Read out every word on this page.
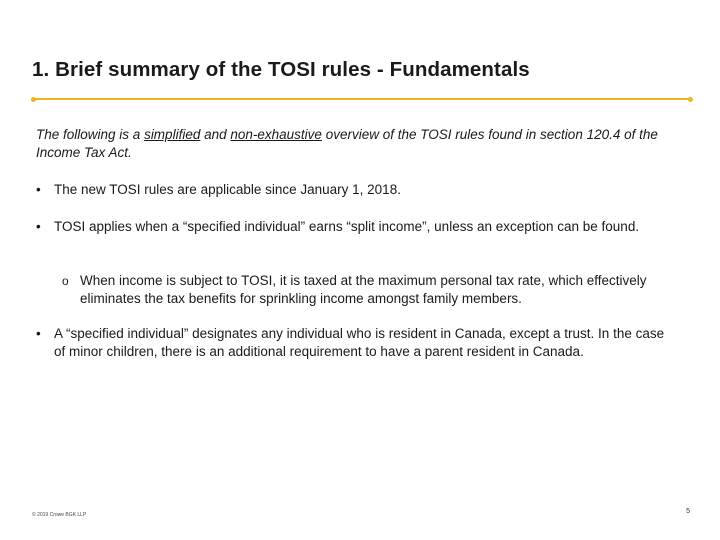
1. Brief summary of the TOSI rules - Fundamentals

The following is a simplified and non-exhaustive overview of the TOSI rules found in section 120.4 of the Income Tax Act.

• The new TOSI rules are applicable since January 1, 2018.
• TOSI applies when a “specified individual” earns “split income”, unless an exception can be found.
o When income is subject to TOSI, it is taxed at the maximum personal tax rate, which effectively eliminates the tax benefits for sprinkling income amongst family members.
• A “specified individual” designates any individual who is resident in Canada, except a trust. In the case of minor children, there is an additional requirement to have a parent resident in Canada.
© 2019 Crowe BGK LLP	5
